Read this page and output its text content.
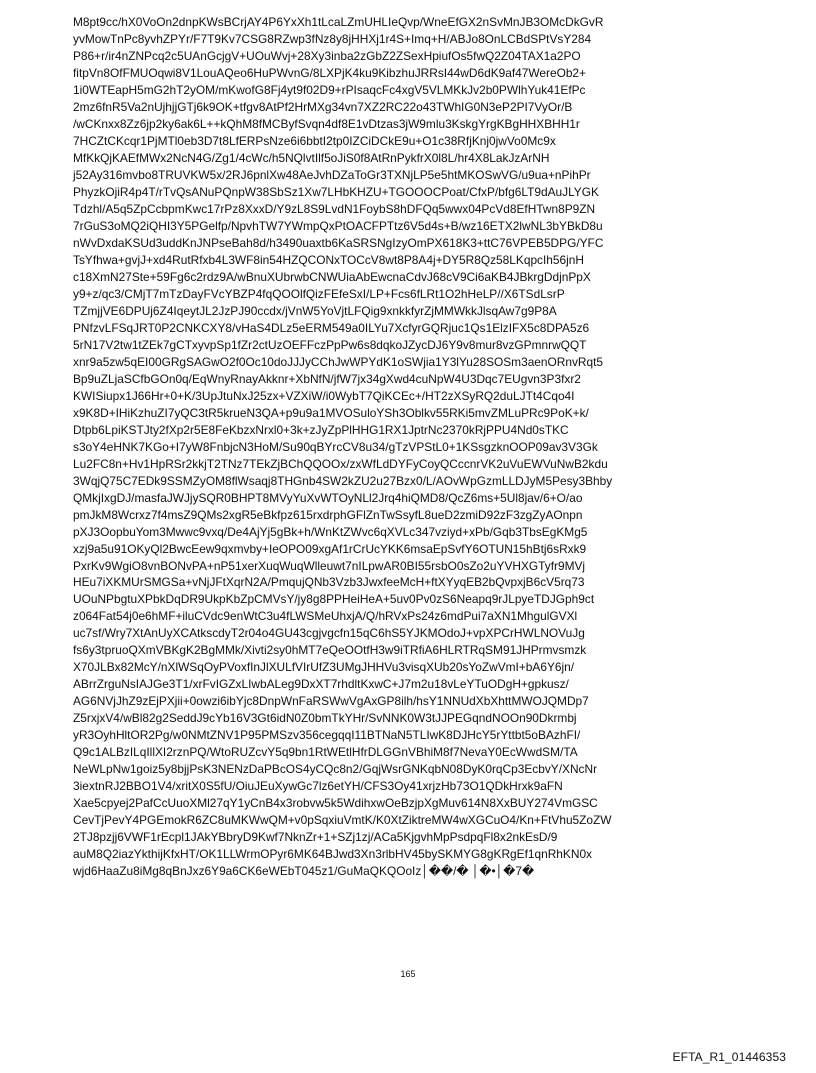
M8pt9cc/hX0VoOn2dnpKWsBCrjAY4P6YxXh1tLcaLZmUHLIeQvp/WneEfGX2nSvMnJB3OMcDkGvR
yvMowTnPc8yvhZPYr/F7T9Kv7CSG8RZwp3fNz8y8jHHXj1r4S+Imq+H/ABJo8OnLCBdSPtVsY284
P86+r/ir4nZNPcq2c5UAnGcjgV+UOuWvj+28Xy3inba2zGbZ2ZSexHpiufOs5fwQ2Z04TAX1a2PO
fitpVn8OfFMUOqwi8V1LouAQeo6HuPWvnG/8LXPjK4ku9KibzhuJRRsI44wD6dK9af47WereOb2+
1i0WTEapH5mG2hT2yOM/mKwofG8Fj4yt9f02D9+rPIsaqcFc4xgV5VLMKkJv2b0PWlhYuk41EfPc
2mz6fnR5Va2nUjhjjGTj6k9OK+tfgv8AtPf2HrMXg34vn7XZ2RC22o43TWhIG0N3eP2PI7VyOr/B
/wCKnxx8Zz6jp2ky6ak6L++kQhM8fMCByfSvqn4df8E1vDtzas3jW9mlu3KskgYrgKBgHHXBHH1r
7HCZtCKcqr1PjMTl0eb3D7t8LfERPsNze6i6bbtI2tp0IZCiDCkE9u+O1c38RfjKnj0jwVo0Mc9x
MfKkQjKAEfMWx2NcN4G/Zg1/4cWc/h5NQlvtIlf5oJiS0f8AtRnPykfrX0l8L/hr4X8LakJzArNH
j52Ay316mvbo8TRUVKW5x/2RJ6pnlXw48AeJvhDZaToGr3TXNjLP5e5htMKOSwVG/u9ua+nPihPr
PhyzkOjiR4p4T/rTvQsANuPQnpW38SbSz1Xw7LHbKHZU+TGOOOCPoat/CfxP/bfg6LT9dAuJLYGK
Tdzhl/A5q5ZpCcbpmKwc17rPz8XxxD/Y9zL8S9LvdN1FoybS8hDFQq5wwx04PcVd8EfHTwn8P9ZN
7rGuS3oMQ2iQHI3Y5PGelfp/NpvhTW7YWmpQxPtOACFPTtz6V5d4s+B/wz16ETX2lwNL3bYBkD8u
nWvDxdaKSUd3uddKnJNPseBah8d/h3490uaxtb6KaSRSNgIzyOmPX618K3+ttC76VPEB5DPG/YFC
TsYfhwa+gvjJ+xd4RutRfxb4L3WF8in54HZQCONxTOCcV8wt8P8A4j+DY5R8Qz58LKqpcIh56jnH
c18XmN27Ste+59Fg6c2rdz9A/wBnuXUbrwbCNWUiaAbEwcnaCdvJ68cV9Ci6aKB4JBkrgDdjnPpX
y9+z/qc3/CMjT7mTzDayFVcYBZP4fqQOOlfQizFEfeSxI/LP+Fcs6fLRt1O2hHeLP//X6TSdLsrP
TZmjjVE6DPUj6Z4IqeytJL2JzPJ90ccdx/jVnW5YoVjtLFQig9xnkkfyrZjMMWkkJlsqAw7g9P8A
PNfzvLFSqJRT0P2CNKCXY8/vHaS4DLz5eERM549a0ILYu7XcfyrGQRjuc1Qs1ElzIFX5c8DPA5z6
5rN17V2tw1tZEk7gCTxyvpSp1fZr2ctUzOEFFczPpPw6s8dqkoJZycDJ6Y9v8mur8vzGPmnrwQQT
xnr9a5zw5qEI00GRgSAGwO2f0Oc10doJJJyCChJwWPYdK1oSWjia1Y3lYu28SOSm3aenORnvRqt5
Bp9uZLjaSCfbGOn0q/EqWnyRnayAkknr+XbNfN/jfW7jx34gXwd4cuNpW4U3Dqc7EUgvn3P3fxr2
KWISiupx1J66Hr+0+K/3UpJtuNxJ25zx+VZXiW/i0WybT7QiKCEc+/HT2zXSyRQ2duLJTt4Cqo4I
x9K8D+IHiKzhuZI7yQC3tR5krueN3QA+p9u9a1MVOSuloYSh3Oblkv55RKi5mvZMLuPRc9PoK+k/
Dtpb6LpiKSTJty2fXp2r5E8FeKbzxNrxl0+3k+zJyZpPlHHG1RX1JptrNc2370kRjPPU4Nd0sTKC
s3oY4eHNK7KGo+I7yW8FnbjcN3HoM/Su90qBYrcCV8u34/gTzVPStL0+1KSsgzknOOP09av3V3Gk
Lu2FC8n+Hv1HpRSr2kkjT2TNz7TEkZjBChQQOOx/zxWfLdDYFyCoyQCccnrVK2uVuEWVuNwB2kdu
3WqjQ75C7EDk9SSMZyOM8flWsaqj8THGnb4SW2kZU2u27Bzx0/L/AOvWpGzmLLDJyM5Pesy3Bhby
QMkjIxgDJ/masfaJWJjySQR0BHPT8MVyYuXvWTOyNLl2Jrq4hiQMD8/QcZ6ms+5Ul8jav/6+O/ao
pmJkM8Wcrxz7f4msZ9QMs2xgR5eBkfpz615rxdrphGFlZnTwSsyfL8ueD2zmiD92zF3zgZyAOnpn
pXJ3OopbuYom3Mwwc9vxq/De4AjYj5gBk+h/WnKtZWvc6qXVLc347vziyd+xPb/Gqb3TbsEgKMg5
xzj9a5u91OKyQl2BwcEew9qxmvby+IeOPO09xgAf1rCrUcYKK6msaEpSvfY6OTUN15hBtj6sRxk9
PxrKv9WgiO8vnBONvPA+nP51xerXuqWuqWlleuwt7nILpwAR0BI55rsbO0sZo2uYVHXGTyfr9MVj
HEu7iXKMUrSMGSa+vNjJFtXqrN2A/PmqujQNb3Vzb3JwxfeeMcH+ftXYyqEB2bQvpxjB6cV5rq73
UOuNPbgtuXPbkDqDR9UkpKbZpCMVsY/jy8g8PPHeiHeA+5uv0Pv0zS6Neapq9rJLpyeTDJGph9ct
z064Fat54j0e6hMF+iluCVdc9enWtC3u4fLWSMeUhxjA/Q/hRVxPs24z6mdPui7aXN1MhgulGVXl
uc7sf/Wry7XtAnUyXCAtkscdyT2r04o4GU43cgjvgcfn15qC6hS5YJKMOdoJ+vpXPCrHWLNOVuJg
fs6y3tpruoQXmVBKgK2BgMMk/Xivti2sy0hMT7eQeOOtfH3w9iTRfiA6HLRTRqSM91JHPrmvsmzk
X70JLBx82McY/nXlWSqOyPVoxfInJlXULfVIrUfZ3UMgJHHVu3visqXUb20sYoZwVmI+bA6Y6jn/
ABrrZrguNsIAJGe3T1/xrFvIGZxLIwbALeg9DxXT7rhdltKxwC+J7m2u18vLeYTuODgH+gpkusz/
AG6NVjJhZ9zEjPXjii+0owzi6ibYjc8DnpWnFaRSWwVgAxGP8ilh/hsY1NNUdXbXhttMWOJQMDp7
Z5rxjxV4/wBl82g2SeddJ9cYb16V3Gt6idN0Z0bmTkYHr/SvNNK0W3tJJPEGqndNOOn90Dkrmbj
yR3OyhHltOR2Pg/w0NMtZNV1P95PMSzv356cegqqI11BTNaN5TLIwK8DJHcY5rYttbt5oBAzhFI/
Q9c1ALBzILqIllXI2rznPQ/WtoRUZcvY5q9bn1RtWEtlHfrDLGGnVBhiM8f7NevaY0EcWwdSM/TA
NeWLpNw1goiz5y8bjjPsK3NENzDaPBcOS4yCQc8n2/GqjWsrGNKqbN08DyK0rqCp3EcbvY/XNcNr
3iextnRJ2BBO1V4/xritX0S5fU/OiuJEuXywGc7lz6etYH/CFS3Oy41xrjzHb73O1QDkHrxk9aFN
Xae5cpyej2PafCcUuoXMl27qY1yCnB4x3robvw5k5WdihxwOeBzjpXgMuv614N8XxBUY274VmGSC
CevTjPevY4PGEmokR6ZC8uMKWwQM+v0pSqxiuVmtK/K0XtZiktreMW4wXGCuO4/Kn+FtVhu5ZoZW
2TJ8pzjj6VWF1rEcpl1JAkYBbryD9Kwf7NknZr+1+SZj1zj/ACa5KjgvhMpPsdpqFl8x2nkEsD/9
auM8Q2iazYkthijKfxHT/OK1LLWrmOPyr6MK64BJwd3Xn3rlbHV45bySKMYG8gKRgEf1qnRhKN0x
wjd6HaaZu8iMg8qBnJxz6Y9a6CK6eWEbT045z1/GuMaQKQOoIz│��/� │�•│�7�
165
EFTA_R1_01446353
